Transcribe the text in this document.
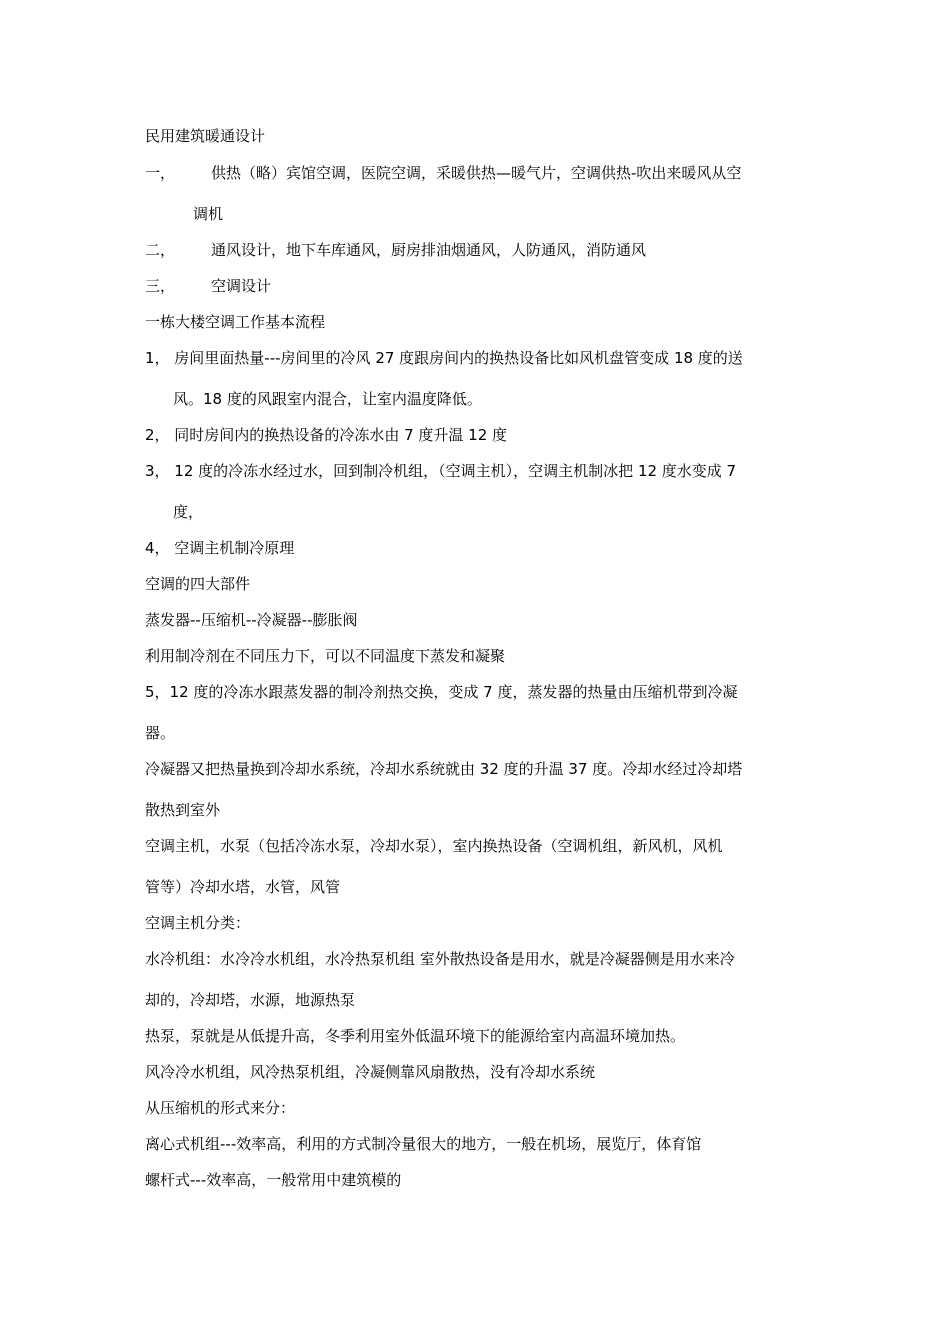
民用建筑暖通设计
一， 供热（略）宾馆空调，医院空调，采暖供热—暖气片，空调供热-吹出来暖风从空
调机
二， 通风设计，地下车库通风，厨房排油烟通风，人防通风，消防通风
三， 空调设计
一栋大楼空调工作基本流程
1， 房间里面热量---房间里的冷风 27 度跟房间内的换热设备比如风机盘管变成 18 度的送
风。18 度的风跟室内混合，让室内温度降低。
2， 同时房间内的换热设备的冷冻水由 7 度升温 12 度
3， 12 度的冷冻水经过水，回到制冷机组，（空调主机），空调主机制冰把 12 度水变成 7
度，
4， 空调主机制冷原理
空调的四大部件
蒸发器--压缩机--冷凝器--膨胀阀
利用制冷剂在不同压力下，可以不同温度下蒸发和凝聚
5，12 度的冷冻水跟蒸发器的制冷剂热交换，变成 7 度，蒸发器的热量由压缩机带到冷凝
器。
冷凝器又把热量换到冷却水系统，冷却水系统就由 32 度的升温 37 度。冷却水经过冷却塔
散热到室外
空调主机，水泵（包括冷冻水泵，冷却水泵），室内换热设备（空调机组，新风机，风机
管等）冷却水塔，水管，风管
空调主机分类：
水冷机组：水冷冷水机组，水冷热泵机组 室外散热设备是用水，就是冷凝器侧是用水来冷
却的，冷却塔，水源，地源热泵
热泵，泵就是从低提升高，冬季利用室外低温环境下的能源给室内高温环境加热。
风冷冷水机组，风冷热泵机组，冷凝侧靠风扇散热，没有冷却水系统
从压缩机的形式来分：
离心式机组---效率高，利用的方式制冷量很大的地方，一般在机场，展览厅，体育馆
螺杆式---效率高，一般常用中建筑模的
